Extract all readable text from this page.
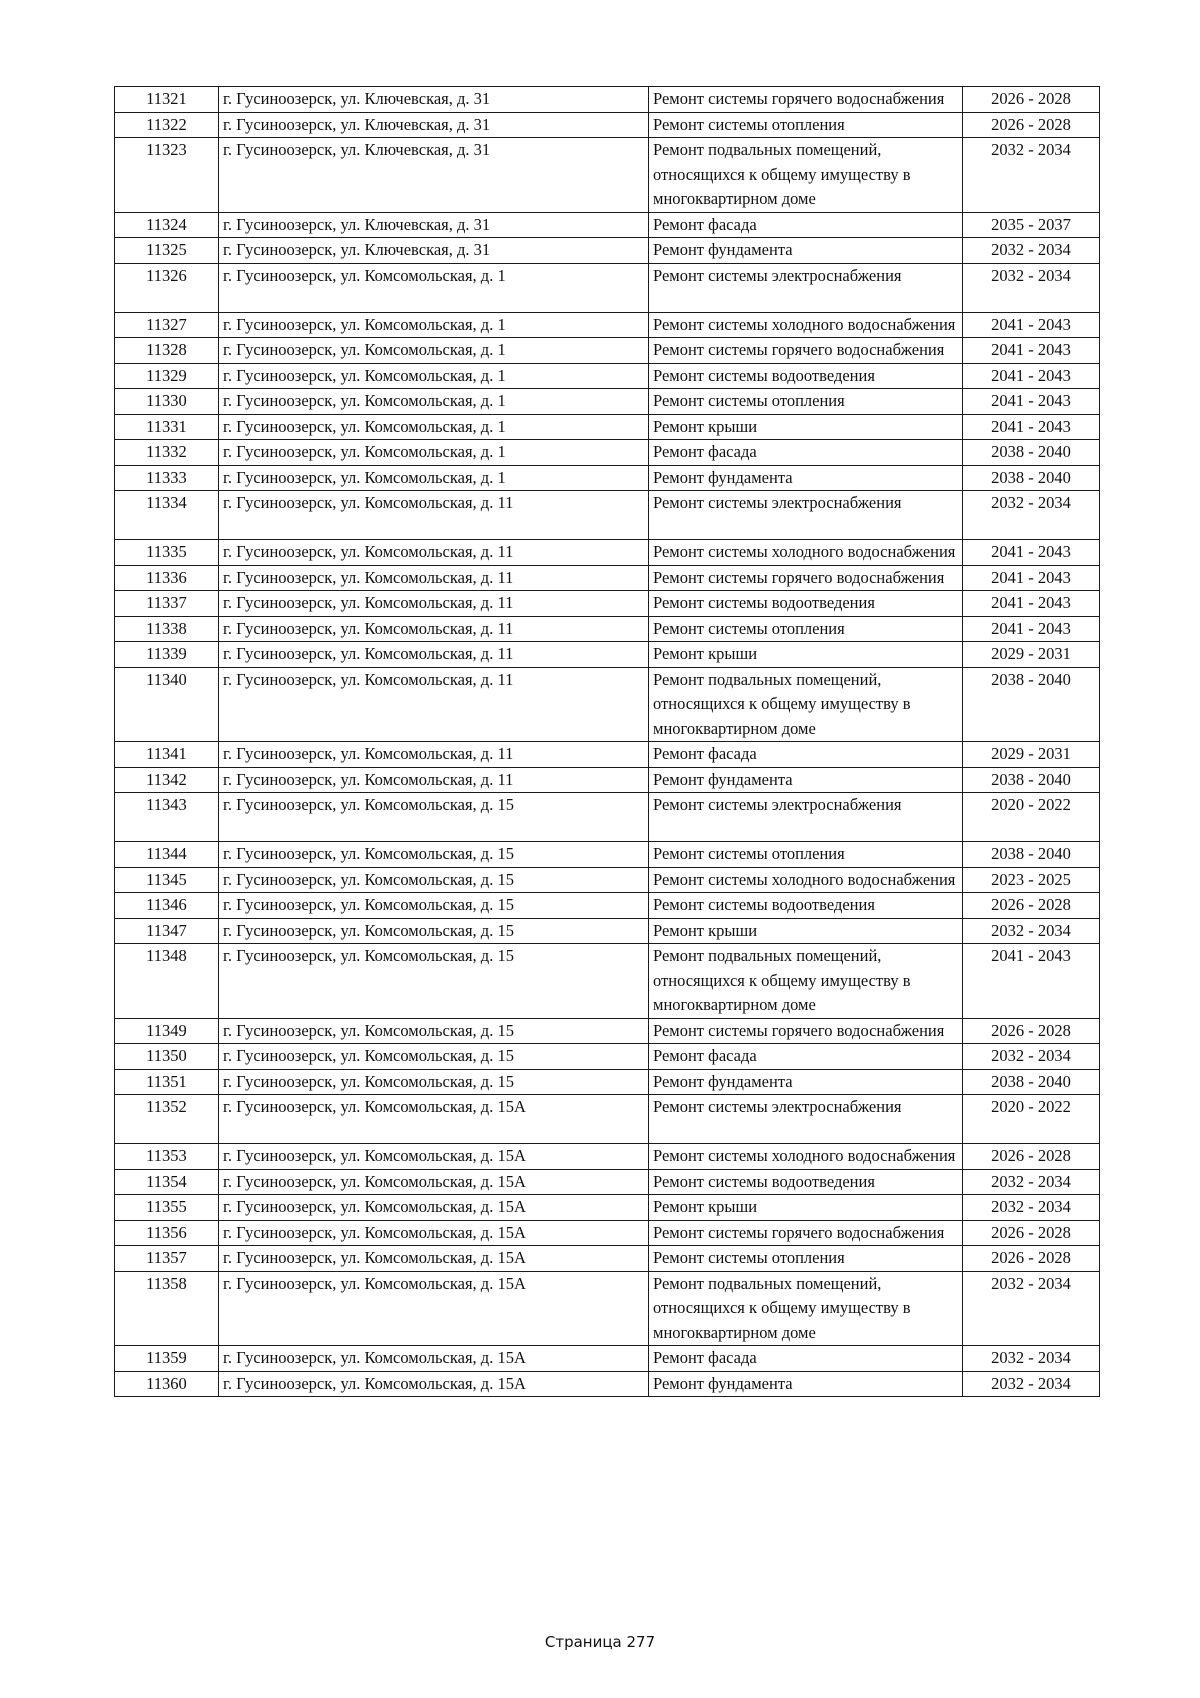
11321	г. Гусиноозерск, ул. Ключевская, д. 31	Ремонт системы горячего водоснабжения	2026 - 2028
11322	г. Гусиноозерск, ул. Ключевская, д. 31	Ремонт системы отопления	2026 - 2028
11323	г. Гусиноозерск, ул. Ключевская, д. 31	Ремонт подвальных помещений, относящихся к общему имуществу в многоквартирном доме	2032 - 2034
11324	г. Гусиноозерск, ул. Ключевская, д. 31	Ремонт фасада	2035 - 2037
11325	г. Гусиноозерск, ул. Ключевская, д. 31	Ремонт фундамента	2032 - 2034
11326	г. Гусиноозерск, ул. Комсомольская, д. 1	Ремонт системы электроснабжения	2032 - 2034
11327	г. Гусиноозерск, ул. Комсомольская, д. 1	Ремонт системы холодного водоснабжения	2041 - 2043
11328	г. Гусиноозерск, ул. Комсомольская, д. 1	Ремонт системы горячего водоснабжения	2041 - 2043
11329	г. Гусиноозерск, ул. Комсомольская, д. 1	Ремонт системы водоотведения	2041 - 2043
11330	г. Гусиноозерск, ул. Комсомольская, д. 1	Ремонт системы отопления	2041 - 2043
11331	г. Гусиноозерск, ул. Комсомольская, д. 1	Ремонт крыши	2041 - 2043
11332	г. Гусиноозерск, ул. Комсомольская, д. 1	Ремонт фасада	2038 - 2040
11333	г. Гусиноозерск, ул. Комсомольская, д. 1	Ремонт фундамента	2038 - 2040
11334	г. Гусиноозерск, ул. Комсомольская, д. 11	Ремонт системы электроснабжения	2032 - 2034
11335	г. Гусиноозерск, ул. Комсомольская, д. 11	Ремонт системы холодного водоснабжения	2041 - 2043
11336	г. Гусиноозерск, ул. Комсомольская, д. 11	Ремонт системы горячего водоснабжения	2041 - 2043
11337	г. Гусиноозерск, ул. Комсомольская, д. 11	Ремонт системы водоотведения	2041 - 2043
11338	г. Гусиноозерск, ул. Комсомольская, д. 11	Ремонт системы отопления	2041 - 2043
11339	г. Гусиноозерск, ул. Комсомольская, д. 11	Ремонт крыши	2029 - 2031
11340	г. Гусиноозерск, ул. Комсомольская, д. 11	Ремонт подвальных помещений, относящихся к общему имуществу в многоквартирном доме	2038 - 2040
11341	г. Гусиноозерск, ул. Комсомольская, д. 11	Ремонт фасада	2029 - 2031
11342	г. Гусиноозерск, ул. Комсомольская, д. 11	Ремонт фундамента	2038 - 2040
11343	г. Гусиноозерск, ул. Комсомольская, д. 15	Ремонт системы электроснабжения	2020 - 2022
11344	г. Гусиноозерск, ул. Комсомольская, д. 15	Ремонт системы отопления	2038 - 2040
11345	г. Гусиноозерск, ул. Комсомольская, д. 15	Ремонт системы холодного водоснабжения	2023 - 2025
11346	г. Гусиноозерск, ул. Комсомольская, д. 15	Ремонт системы водоотведения	2026 - 2028
11347	г. Гусиноозерск, ул. Комсомольская, д. 15	Ремонт крыши	2032 - 2034
11348	г. Гусиноозерск, ул. Комсомольская, д. 15	Ремонт подвальных помещений, относящихся к общему имуществу в многоквартирном доме	2041 - 2043
11349	г. Гусиноозерск, ул. Комсомольская, д. 15	Ремонт системы горячего водоснабжения	2026 - 2028
11350	г. Гусиноозерск, ул. Комсомольская, д. 15	Ремонт фасада	2032 - 2034
11351	г. Гусиноозерск, ул. Комсомольская, д. 15	Ремонт фундамента	2038 - 2040
11352	г. Гусиноозерск, ул. Комсомольская, д. 15А	Ремонт системы электроснабжения	2020 - 2022
11353	г. Гусиноозерск, ул. Комсомольская, д. 15А	Ремонт системы холодного водоснабжения	2026 - 2028
11354	г. Гусиноозерск, ул. Комсомольская, д. 15А	Ремонт системы водоотведения	2032 - 2034
11355	г. Гусиноозерск, ул. Комсомольская, д. 15А	Ремонт крыши	2032 - 2034
11356	г. Гусиноозерск, ул. Комсомольская, д. 15А	Ремонт системы горячего водоснабжения	2026 - 2028
11357	г. Гусиноозерск, ул. Комсомольская, д. 15А	Ремонт системы отопления	2026 - 2028
11358	г. Гусиноозерск, ул. Комсомольская, д. 15А	Ремонт подвальных помещений, относящихся к общему имуществу в многоквартирном доме	2032 - 2034
11359	г. Гусиноозерск, ул. Комсомольская, д. 15А	Ремонт фасада	2032 - 2034
11360	г. Гусиноозерск, ул. Комсомольская, д. 15А	Ремонт фундамента	2032 - 2034
Страница 277
